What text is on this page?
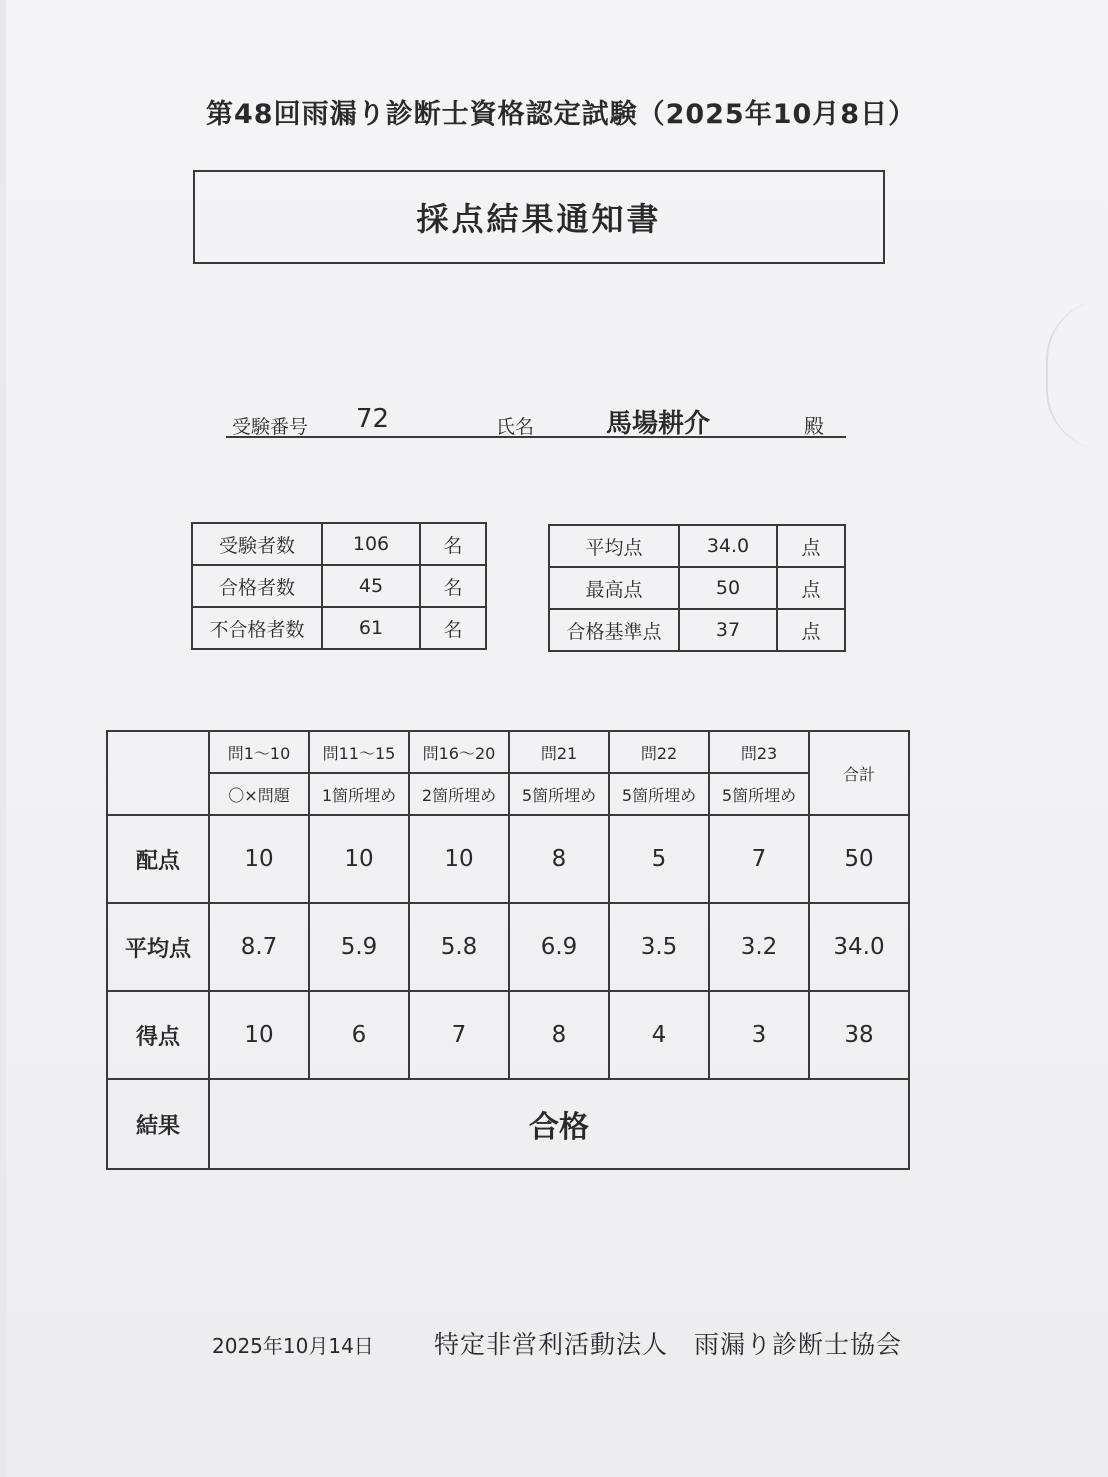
第48回雨漏り診断士資格認定試験（2025年10月8日）
採点結果通知書
受験番号 72	氏名	馬場耕介	殿
受験者数	106	名
合格者数	45	名
不合格者数	61	名
平均点	34.0	点
最高点	50	点
合格基準点	37	点
	問1～10	問11～15	問16～20	問21	問22	問23	合計
	〇×問題	1箇所埋め	2箇所埋め	5箇所埋め	5箇所埋め	5箇所埋め	
配点	10	10	10	8	5	7	50
平均点	8.7	5.9	5.8	6.9	3.5	3.2	34.0
得点	10	6	7	8	4	3	38
結果	合格						
2025年10月14日 特定非営利活動法人　雨漏り診断士協会
